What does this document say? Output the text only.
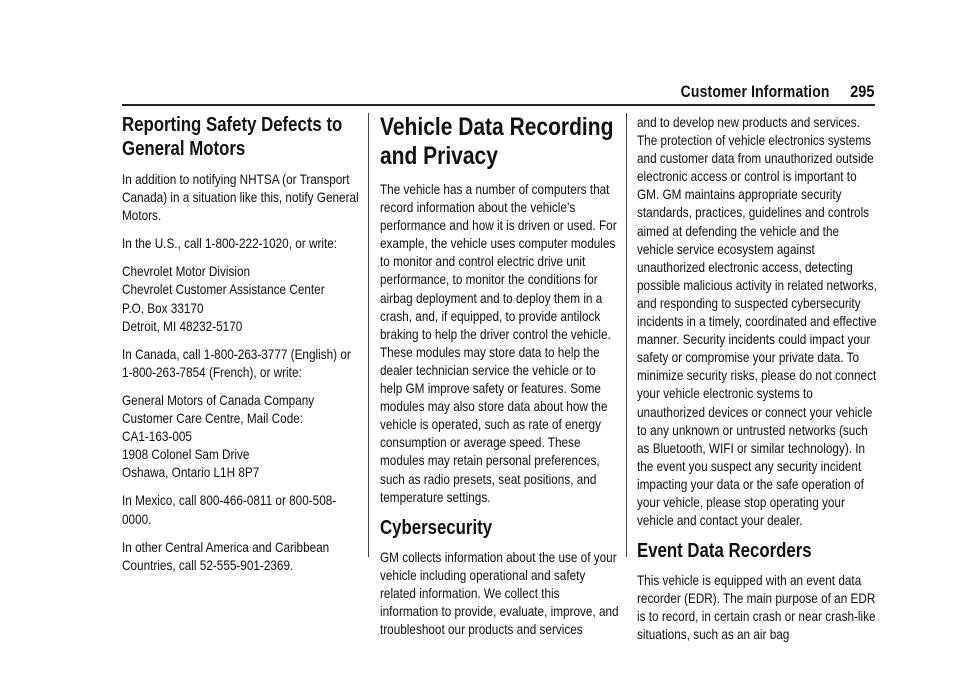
Customer Information 295
Reporting Safety Defects to General Motors

In addition to notifying NHTSA (or Transport Canada) in a situation like this, notify General Motors.

In the U.S., call 1-800-222-1020, or write:

Chevrolet Motor Division
Chevrolet Customer Assistance Center
P.O. Box 33170
Detroit, MI 48232-5170

In Canada, call 1-800-263-3777 (English) or 1-800-263-7854 (French), or write:

General Motors of Canada Company
Customer Care Centre, Mail Code:
CA1-163-005
1908 Colonel Sam Drive
Oshawa, Ontario L1H 8P7

In Mexico, call 800-466-0811 or 800-508-0000.

In other Central America and Caribbean Countries, call 52-555-901-2369.

Vehicle Data Recording and Privacy

The vehicle has a number of computers that record information about the vehicle’s performance and how it is driven or used. For example, the vehicle uses computer modules to monitor and control electric drive unit performance, to monitor the conditions for airbag deployment and to deploy them in a crash, and, if equipped, to provide antilock braking to help the driver control the vehicle. These modules may store data to help the dealer technician service the vehicle or to help GM improve safety or features. Some modules may also store data about how the vehicle is operated, such as rate of energy consumption or average speed. These modules may retain personal preferences, such as radio presets, seat positions, and temperature settings.

Cybersecurity

GM collects information about the use of your vehicle including operational and safety related information. We collect this information to provide, evaluate, improve, and troubleshoot our products and services

and to develop new products and services. The protection of vehicle electronics systems and customer data from unauthorized outside electronic access or control is important to GM. GM maintains appropriate security standards, practices, guidelines and controls aimed at defending the vehicle and the vehicle service ecosystem against unauthorized electronic access, detecting possible malicious activity in related networks, and responding to suspected cybersecurity incidents in a timely, coordinated and effective manner. Security incidents could impact your safety or compromise your private data. To minimize security risks, please do not connect your vehicle electronic systems to unauthorized devices or connect your vehicle to any unknown or untrusted networks (such as Bluetooth, WIFI or similar technology). In the event you suspect any security incident impacting your data or the safe operation of your vehicle, please stop operating your vehicle and contact your dealer.

Event Data Recorders

This vehicle is equipped with an event data recorder (EDR). The main purpose of an EDR is to record, in certain crash or near crash-like situations, such as an air bag
